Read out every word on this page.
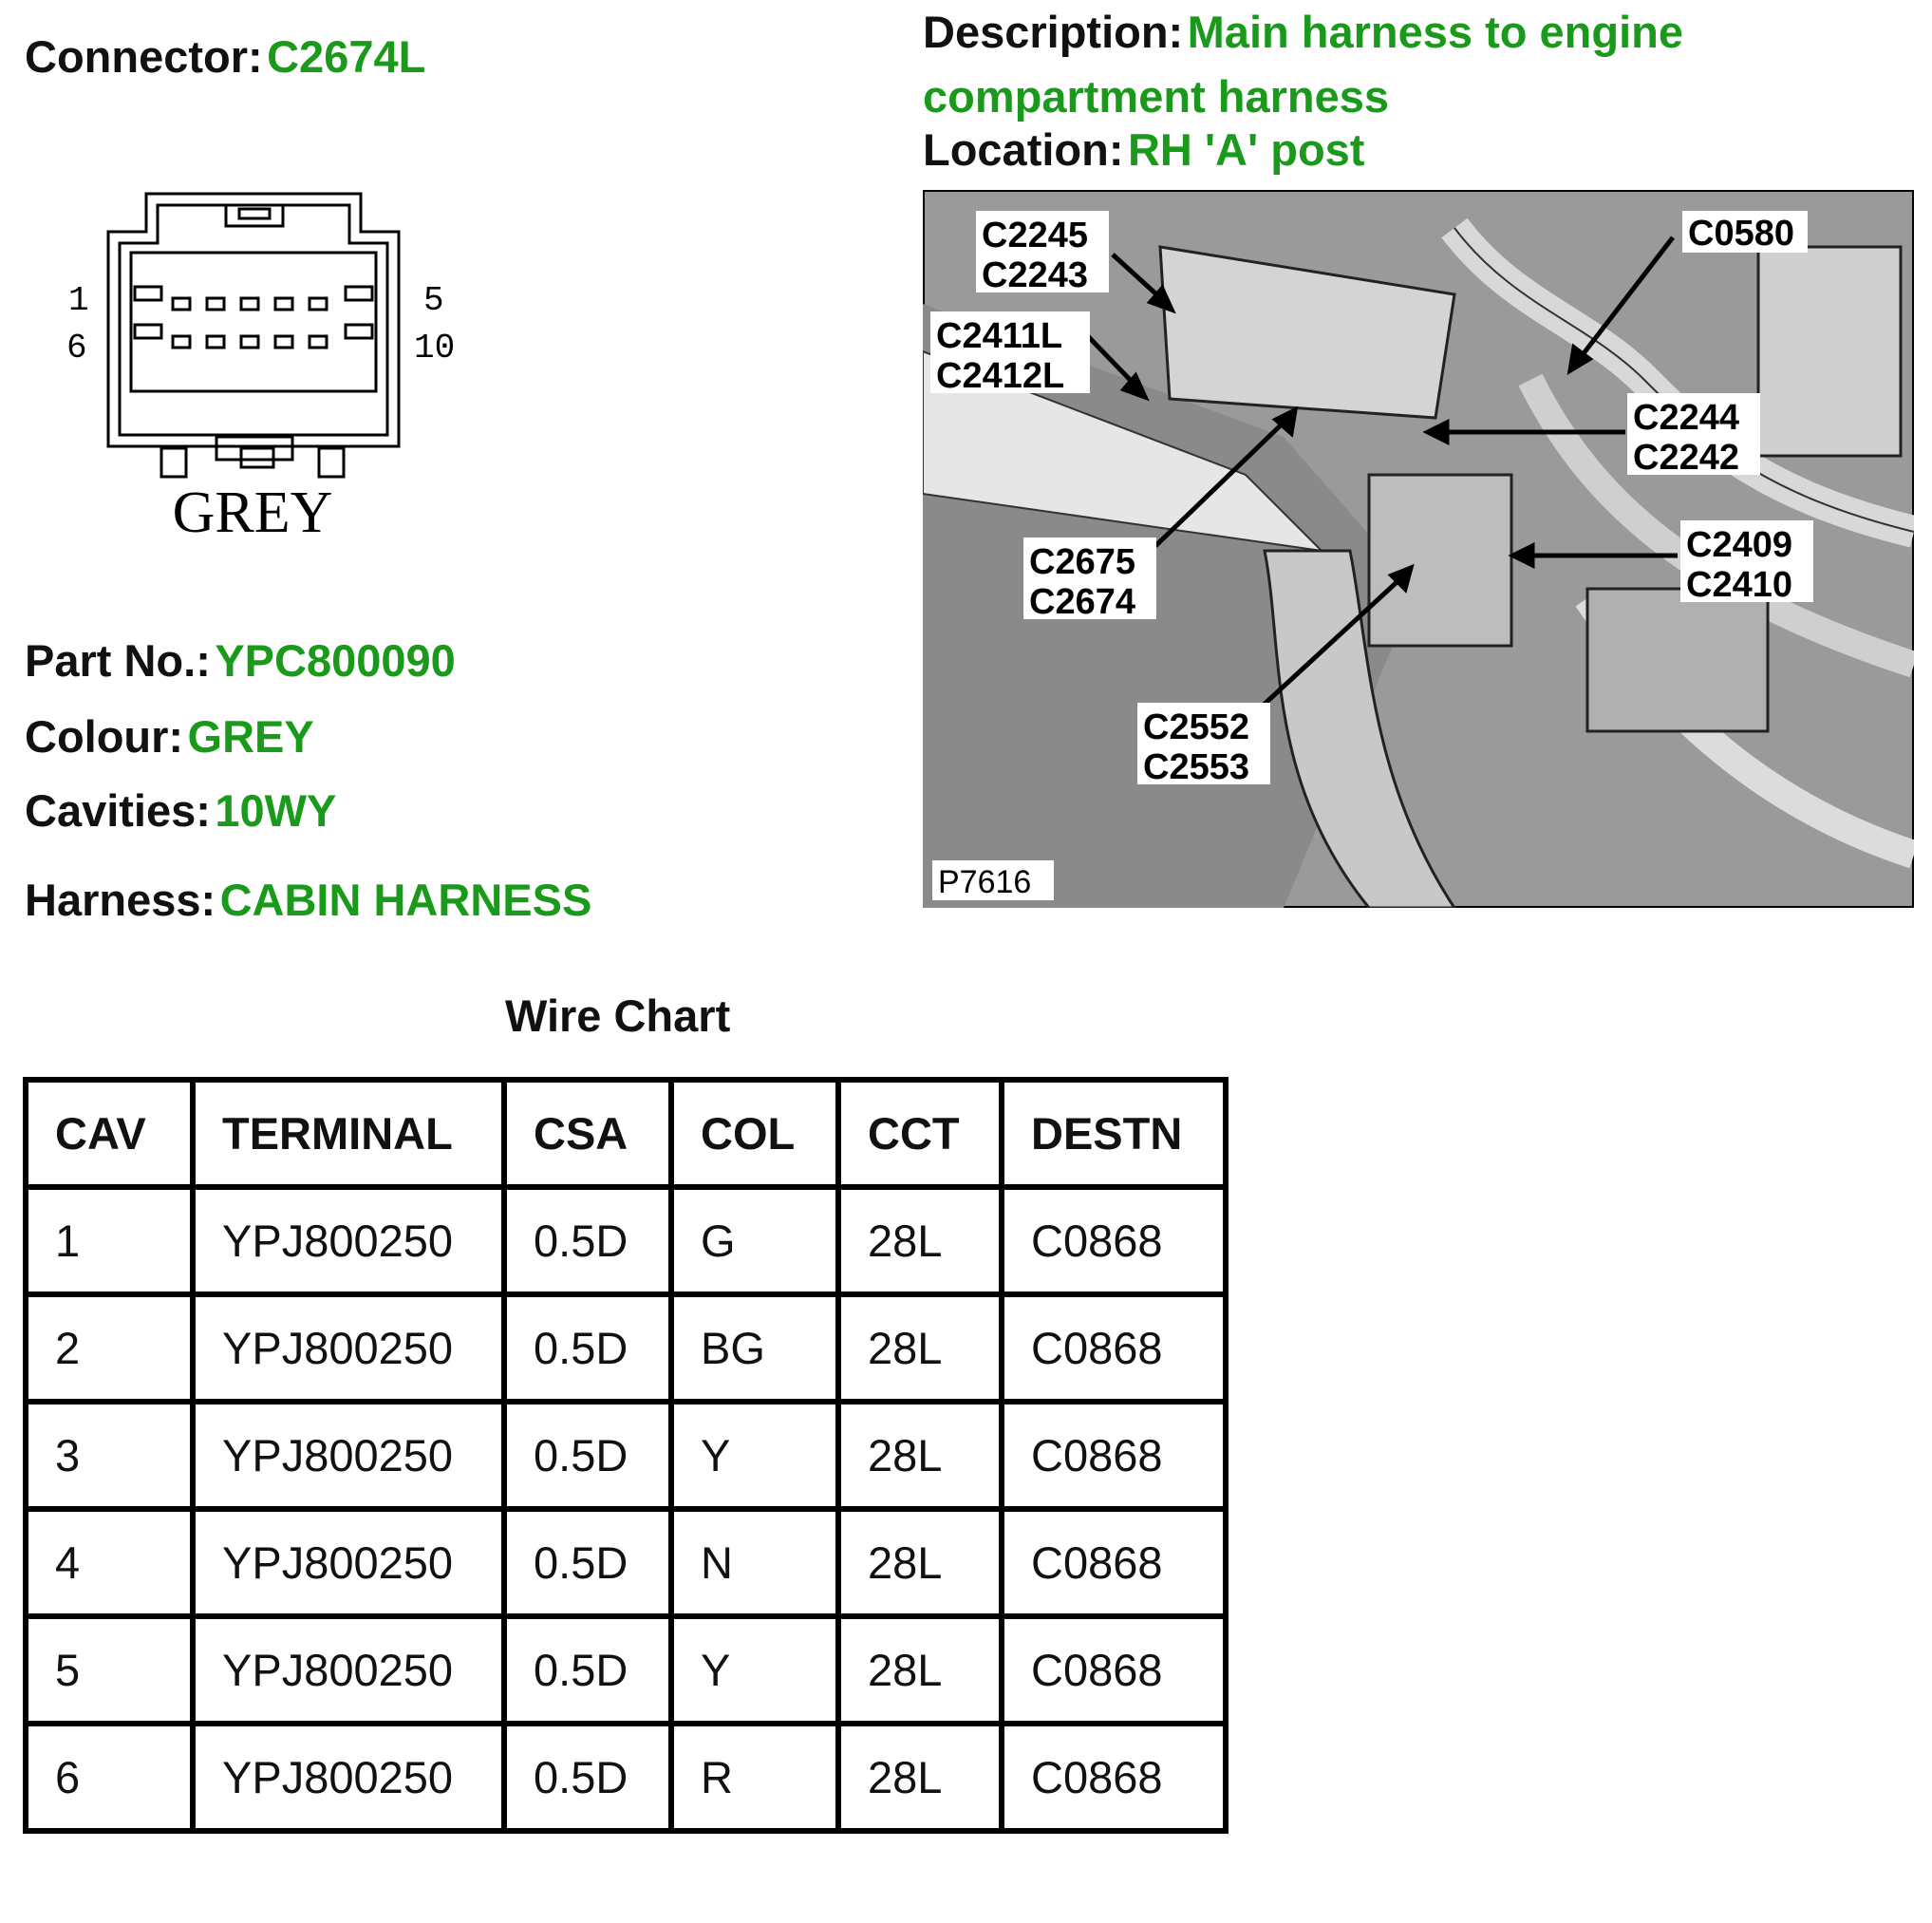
Connector: C2674L	Description: Main harness to engine
compartment harness
Location: RH 'A' post
1
6
5
10
GREY
Part No.: YPC800090
Colour: GREY
Cavities: 10WY
Harness: CABIN HARNESS
C2245
C2243
C0580
C2411L
C2412L
C2244
C2242
C2675
C2674
C2409
C2410
C2552
C2553
P7616
Wire Chart
CAV	TERMINAL	CSA	COL	CCT	DESTN
1	YPJ800250	0.5D	G	28L	C0868
2	YPJ800250	0.5D	BG	28L	C0868
3	YPJ800250	0.5D	Y	28L	C0868
4	YPJ800250	0.5D	N	28L	C0868
5	YPJ800250	0.5D	Y	28L	C0868
6	YPJ800250	0.5D	R	28L	C0868
